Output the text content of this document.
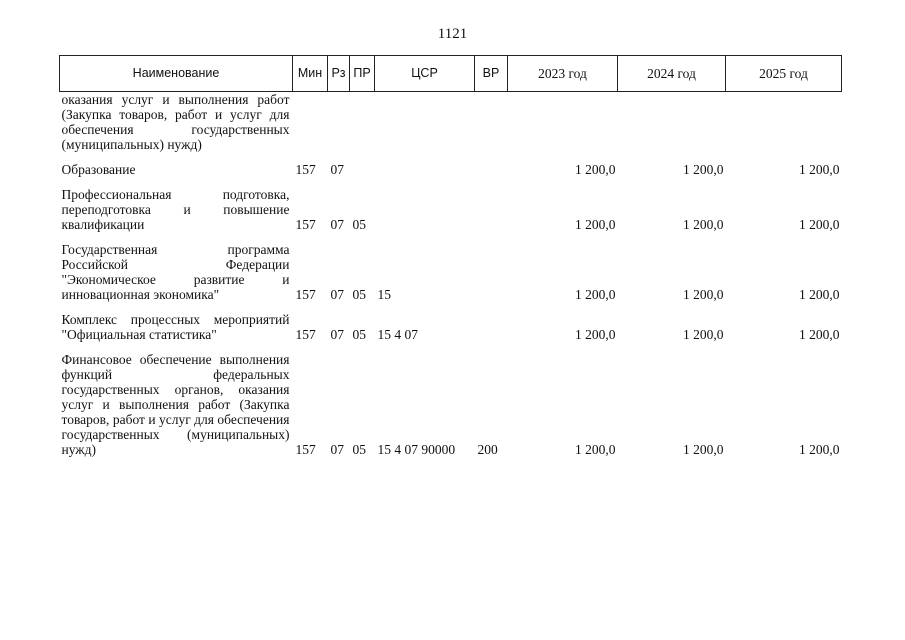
1121
Наименование	Мин	Рз	ПР	ЦСР	ВР	2023 год	2024 год	2025 год
оказания услуг и выполнения работ (Закупка товаров, работ и услуг для обеспечения государственных (муниципальных) нужд)								
Образование	157	07				1 200,0	1 200,0	1 200,0
Профессиональная подготовка, переподготовка и повышение квалификации	157	07	05			1 200,0	1 200,0	1 200,0
Государственная программа Российской Федерации "Экономическое развитие и инновационная экономика"	157	07	05	15		1 200,0	1 200,0	1 200,0
Комплекс процессных мероприятий "Официальная статистика"	157	07	05	15 4 07		1 200,0	1 200,0	1 200,0
Финансовое обеспечение выполнения функций федеральных государственных органов, оказания услуг и выполнения работ (Закупка товаров, работ и услуг для обеспечения государственных (муниципальных) нужд)	157	07	05	15 4 07 90000	200	1 200,0	1 200,0	1 200,0
